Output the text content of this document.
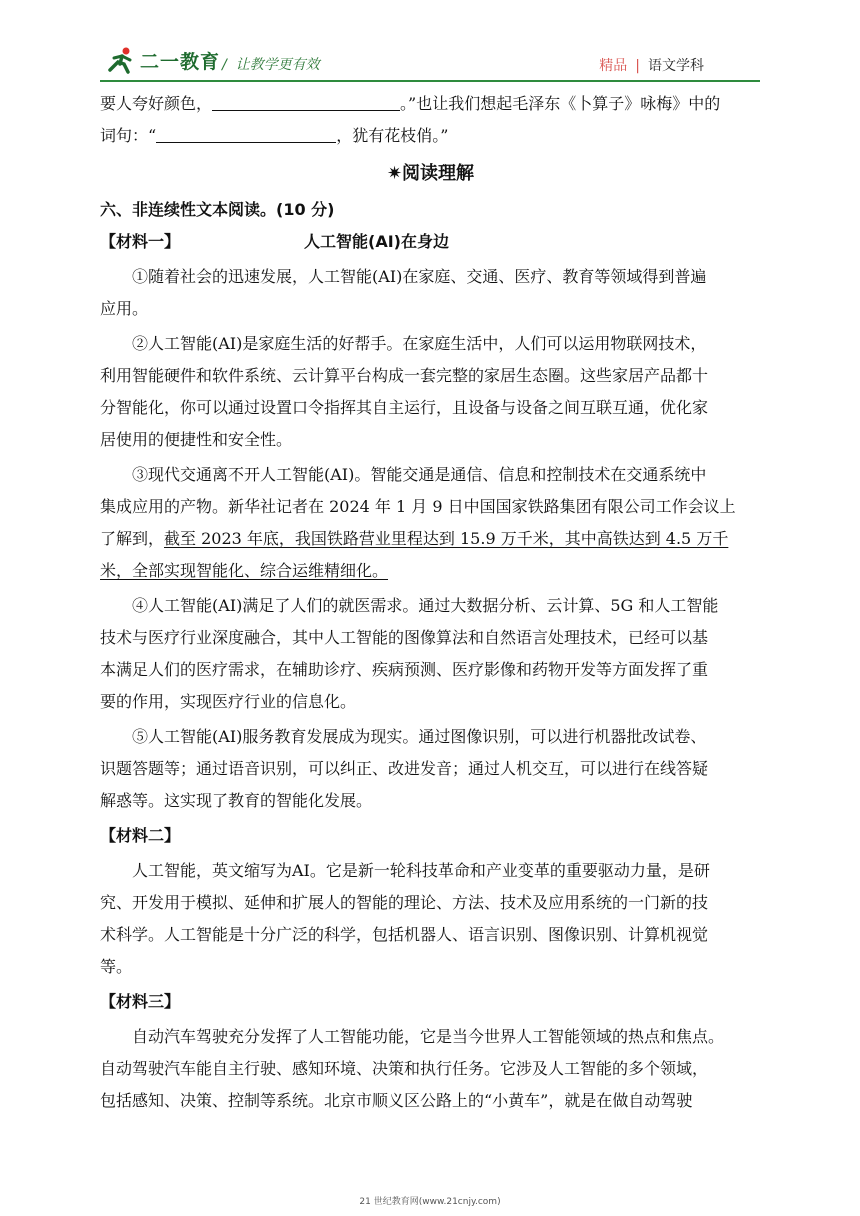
二一教育 /  让教学更有效	精品 | 语文学科
要人夸好颜色，	。”也让我们想起毛泽东《卜算子》咏梅》中的
词句：“	，犹有花枝俏。”
✷阅读理解
六、非连续性文本阅读。(10 分)
【材料一】	人工智能(AI)在身边
①随着社会的迅速发展，人工智能(AI)在家庭、交通、医疗、教育等领域得到普遍
应用。
②人工智能(AI)是家庭生活的好帮手。在家庭生活中，人们可以运用物联网技术，
利用智能硬件和软件系统、云计算平台构成一套完整的家居生态圈。这些家居产品都十
分智能化，你可以通过设置口令指挥其自主运行，且设备与设备之间互联互通，优化家
居使用的便捷性和安全性。
③现代交通离不开人工智能(AI)。智能交通是通信、信息和控制技术在交通系统中
集成应用的产物。新华社记者在 2024 年 1 月 9 日中国国家铁路集团有限公司工作会议上
了解到，截至 2023 年底，我国铁路营业里程达到 15.9 万千米，其中高铁达到 4.5 万千
米，全部实现智能化、综合运维精细化。
④人工智能(AI)满足了人们的就医需求。通过大数据分析、云计算、5G 和人工智能
技术与医疗行业深度融合，其中人工智能的图像算法和自然语言处理技术，已经可以基
本满足人们的医疗需求，在辅助诊疗、疾病预测、医疗影像和药物开发等方面发挥了重
要的作用，实现医疗行业的信息化。
⑤人工智能(AI)服务教育发展成为现实。通过图像识别，可以进行机器批改试卷、
识题答题等；通过语音识别，可以纠正、改进发音；通过人机交互，可以进行在线答疑
解惑等。这实现了教育的智能化发展。
【材料二】
人工智能，英文缩写为AI。它是新一轮科技革命和产业变革的重要驱动力量，是研
究、开发用于模拟、延伸和扩展人的智能的理论、方法、技术及应用系统的一门新的技
术科学。人工智能是十分广泛的科学，包括机器人、语言识别、图像识别、计算机视觉
等。
【材料三】
自动汽车驾驶充分发挥了人工智能功能，它是当今世界人工智能领域的热点和焦点。
自动驾驶汽车能自主行驶、感知环境、决策和执行任务。它涉及人工智能的多个领域，
包括感知、决策、控制等系统。北京市顺义区公路上的“小黄车”，就是在做自动驾驶
21 世纪教育网(www.21cnjy.com)
